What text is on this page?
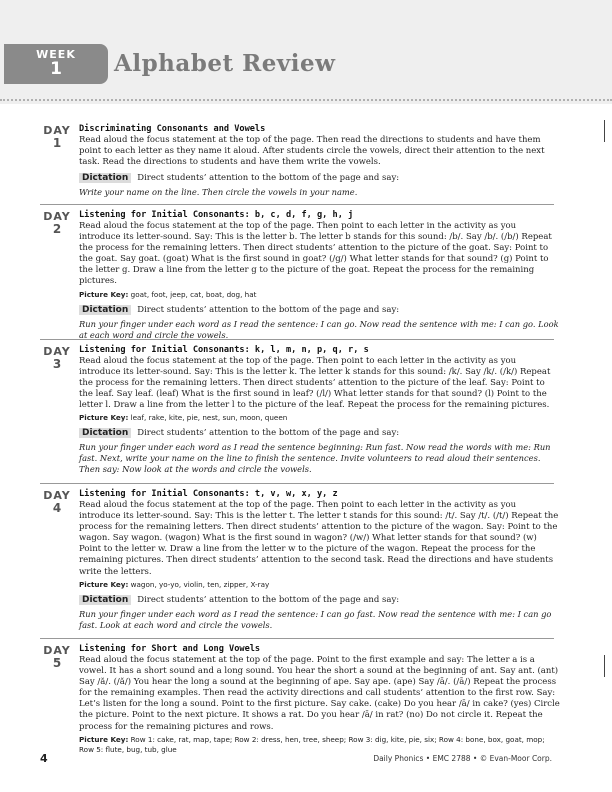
WEEK
1	Alphabet Review
DAY
1
Discriminating Consonants and Vowels

Read aloud the focus statement at the top of the page. Then read the directions to students and have them point to each letter as they name it aloud. After students circle the vowels, direct their attention to the next task. Read the directions to students and have them write the vowels.

Dictation Direct students’ attention to the bottom of the page and say:

Write your name on the line. Then circle the vowels in your name.

DAY
2
Listening for Initial Consonants: b, c, d, f, g, h, j

Read aloud the focus statement at the top of the page. Then point to each letter in the activity as you introduce its letter-sound. Say: This is the letter b. The letter b stands for this sound: /b/. Say /b/. (/b/) Repeat the process for the remaining letters. Then direct students’ attention to the picture of the goat. Say: Point to the goat. Say goat. (goat) What is the first sound in goat? (/g/) What letter stands for that sound? (g) Point to the letter g. Draw a line from the letter g to the picture of the goat. Repeat the process for the remaining pictures.

Picture Key: goat, foot, jeep, cat, boat, dog, hat

Dictation Direct students’ attention to the bottom of the page and say:

Run your finger under each word as I read the sentence: I can go. Now read the sentence with me: I can go. Look at each word and circle the vowels.

DAY
3
Listening for Initial Consonants: k, l, m, n, p, q, r, s

Read aloud the focus statement at the top of the page. Then point to each letter in the activity as you introduce its letter-sound. Say: This is the letter k. The letter k stands for this sound: /k/. Say /k/. (/k/) Repeat the process for the remaining letters. Then direct students’ attention to the picture of the leaf. Say: Point to the leaf. Say leaf. (leaf) What is the first sound in leaf? (/l/) What letter stands for that sound? (l) Point to the letter l. Draw a line from the letter l to the picture of the leaf. Repeat the process for the remaining pictures.

Picture Key: leaf, rake, kite, pie, nest, sun, moon, queen

Dictation Direct students’ attention to the bottom of the page and say:

Run your finger under each word as I read the sentence beginning: Run fast. Now read the words with me: Run fast. Next, write your name on the line to finish the sentence. Invite volunteers to read aloud their sentences. Then say: Now look at the words and circle the vowels.

DAY
4
Listening for Initial Consonants: t, v, w, x, y, z

Read aloud the focus statement at the top of the page. Then point to each letter in the activity as you introduce its letter-sound. Say: This is the letter t. The letter t stands for this sound: /t/. Say /t/. (/t/) Repeat the process for the remaining letters. Then direct students’ attention to the picture of the wagon. Say: Point to the wagon. Say wagon. (wagon) What is the first sound in wagon? (/w/) What letter stands for that sound? (w) Point to the letter w. Draw a line from the letter w to the picture of the wagon. Repeat the process for the remaining pictures. Then direct students’ attention to the second task. Read the directions and have students write the letters.

Picture Key: wagon, yo-yo, violin, ten, zipper, X-ray

Dictation Direct students’ attention to the bottom of the page and say:

Run your finger under each word as I read the sentence: I can go fast. Now read the sentence with me: I can go fast. Look at each word and circle the vowels.

DAY
5
Listening for Short and Long Vowels

Read aloud the focus statement at the top of the page. Point to the first example and say: The letter a is a vowel. It has a short sound and a long sound. You hear the short a sound at the beginning of ant. Say ant. (ant) Say /ă/. (/ă/) You hear the long a sound at the beginning of ape. Say ape. (ape) Say /ā/. (/ā/) Repeat the process for the remaining examples. Then read the activity directions and call students’ attention to the first row. Say: Let’s listen for the long a sound. Point to the first picture. Say cake. (cake) Do you hear /ā/ in cake? (yes) Circle the picture. Point to the next picture. It shows a rat. Do you hear /ā/ in rat? (no) Do not circle it. Repeat the process for the remaining pictures and rows.

Picture Key: Row 1: cake, rat, map, tape; Row 2: dress, hen, tree, sheep; Row 3: dig, kite, pie, six; Row 4: bone, box, goat, mop; Row 5: flute, bug, tub, glue

4	Daily Phonics • EMC 2788 • © Evan-Moor Corp.
